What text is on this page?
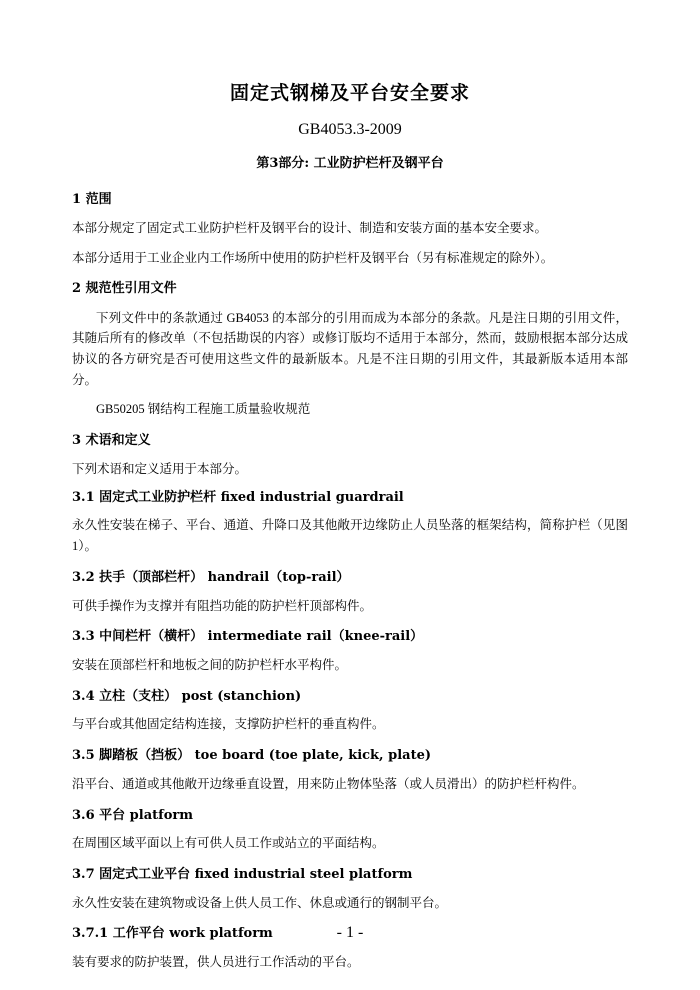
固定式钢梯及平台安全要求
GB4053.3-2009
第3部分: 工业防护栏杆及钢平台
1 范围

本部分规定了固定式工业防护栏杆及钢平台的设计、制造和安装方面的基本安全要求。

本部分适用于工业企业内工作场所中使用的防护栏杆及钢平台（另有标准规定的除外）。

2 规范性引用文件

下列文件中的条款通过 GB4053 的本部分的引用而成为本部分的条款。凡是注日期的引用文件，其随后所有的修改单（不包括勘误的内容）或修订版均不适用于本部分，然而，鼓励根据本部分达成协议的各方研究是否可使用这些文件的最新版本。凡是不注日期的引用文件，其最新版本适用本部分。

GB50205 钢结构工程施工质量验收规范

3 术语和定义

下列术语和定义适用于本部分。

3.1 固定式工业防护栏杆 fixed industrial guardrail

永久性安装在梯子、平台、通道、升降口及其他敞开边缘防止人员坠落的框架结构，简称护栏（见图1）。

3.2 扶手（顶部栏杆） handrail（top-rail）

可供手操作为支撑并有阻挡功能的防护栏杆顶部构件。

3.3 中间栏杆（横杆） intermediate rail（knee-rail）

安装在顶部栏杆和地板之间的防护栏杆水平构件。

3.4 立柱（支柱） post (stanchion)

与平台或其他固定结构连接，支撑防护栏杆的垂直构件。

3.5 脚踏板（挡板） toe board (toe plate, kick, plate)

沿平台、通道或其他敞开边缘垂直设置，用来防止物体坠落（或人员滑出）的防护栏杆构件。

3.6 平台 platform

在周围区域平面以上有可供人员工作或站立的平面结构。

3.7 固定式工业平台 fixed industrial steel platform

永久性安装在建筑物或设备上供人员工作、休息或通行的钢制平台。

3.7.1 工作平台 work platform

装有要求的防护装置，供人员进行工作活动的平台。

- 1 -
